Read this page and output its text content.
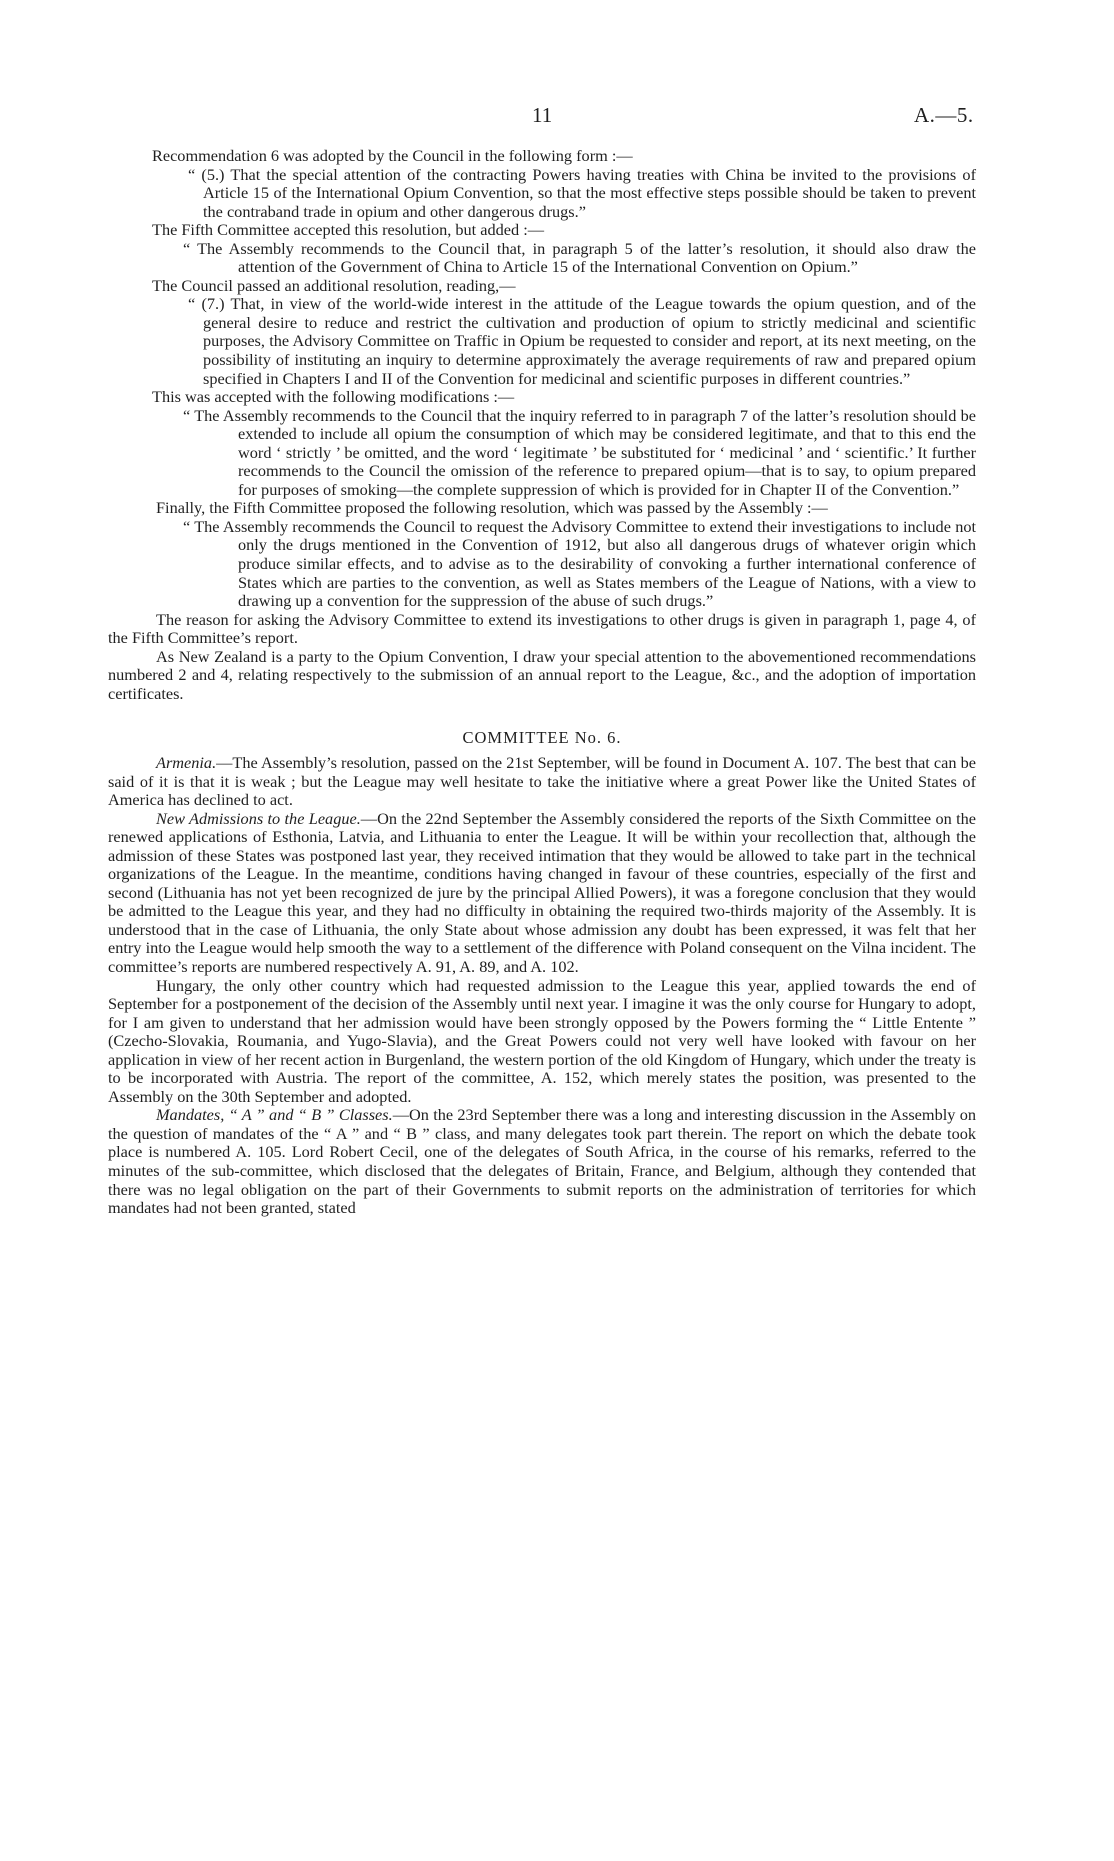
11	A.—5.

Recommendation 6 was adopted by the Council in the following form :—

“ (5.) That the special attention of the contracting Powers having treaties with China be invited to the provisions of Article 15 of the International Opium Convention, so that the most effective steps possible should be taken to prevent the contraband trade in opium and other dangerous drugs.”

The Fifth Committee accepted this resolution, but added :—

“ The Assembly recommends to the Council that, in paragraph 5 of the latter’s resolution, it should also draw the attention of the Government of China to Article 15 of the International Convention on Opium.”

The Council passed an additional resolution, reading,—

“ (7.) That, in view of the world-wide interest in the attitude of the League towards the opium question, and of the general desire to reduce and restrict the cultivation and production of opium to strictly medicinal and scientific purposes, the Advisory Committee on Traffic in Opium be requested to consider and report, at its next meeting, on the possibility of instituting an inquiry to determine approximately the average requirements of raw and prepared opium specified in Chapters I and II of the Convention for medicinal and scientific purposes in different countries.”

This was accepted with the following modifications :—

“ The Assembly recommends to the Council that the inquiry referred to in paragraph 7 of the latter’s resolution should be extended to include all opium the consumption of which may be considered legitimate, and that to this end the word ‘ strictly ’ be omitted, and the word ‘ legitimate ’ be substituted for ‘ medicinal ’ and ‘ scientific.’ It further recommends to the Council the omission of the reference to prepared opium—that is to say, to opium prepared for purposes of smoking—the complete suppression of which is provided for in Chapter II of the Convention.”

Finally, the Fifth Committee proposed the following resolution, which was passed by the Assembly :—

“ The Assembly recommends the Council to request the Advisory Committee to extend their investigations to include not only the drugs mentioned in the Convention of 1912, but also all dangerous drugs of whatever origin which produce similar effects, and to advise as to the desirability of convoking a further international conference of States which are parties to the convention, as well as States members of the League of Nations, with a view to drawing up a convention for the suppression of the abuse of such drugs.”

The reason for asking the Advisory Committee to extend its investigations to other drugs is given in paragraph 1, page 4, of the Fifth Committee’s report.

As New Zealand is a party to the Opium Convention, I draw your special attention to the abovementioned recommendations numbered 2 and 4, relating respectively to the submission of an annual report to the League, &c., and the adoption of importation certificates.

COMMITTEE No. 6.

Armenia.—The Assembly’s resolution, passed on the 21st September, will be found in Document A. 107. The best that can be said of it is that it is weak ; but the League may well hesitate to take the initiative where a great Power like the United States of America has declined to act.

New Admissions to the League.—On the 22nd September the Assembly considered the reports of the Sixth Committee on the renewed applications of Esthonia, Latvia, and Lithuania to enter the League. It will be within your recollection that, although the admission of these States was postponed last year, they received intimation that they would be allowed to take part in the technical organizations of the League. In the meantime, conditions having changed in favour of these countries, especially of the first and second (Lithuania has not yet been recognized de jure by the principal Allied Powers), it was a foregone conclusion that they would be admitted to the League this year, and they had no difficulty in obtaining the required two-thirds majority of the Assembly. It is understood that in the case of Lithuania, the only State about whose admission any doubt has been expressed, it was felt that her entry into the League would help smooth the way to a settlement of the difference with Poland consequent on the Vilna incident. The committee’s reports are numbered respectively A. 91, A. 89, and A. 102.

Hungary, the only other country which had requested admission to the League this year, applied towards the end of September for a postponement of the decision of the Assembly until next year. I imagine it was the only course for Hungary to adopt, for I am given to understand that her admission would have been strongly opposed by the Powers forming the “ Little Entente ” (Czecho-Slovakia, Roumania, and Yugo-Slavia), and the Great Powers could not very well have looked with favour on her application in view of her recent action in Burgenland, the western portion of the old Kingdom of Hungary, which under the treaty is to be incorporated with Austria. The report of the committee, A. 152, which merely states the position, was presented to the Assembly on the 30th September and adopted.

Mandates, “ A ” and “ B ” Classes.—On the 23rd September there was a long and interesting discussion in the Assembly on the question of mandates of the “ A ” and “ B ” class, and many delegates took part therein. The report on which the debate took place is numbered A. 105. Lord Robert Cecil, one of the delegates of South Africa, in the course of his remarks, referred to the minutes of the sub-committee, which disclosed that the delegates of Britain, France, and Belgium, although they contended that there was no legal obligation on the part of their Governments to submit reports on the administration of territories for which mandates had not been granted, stated
